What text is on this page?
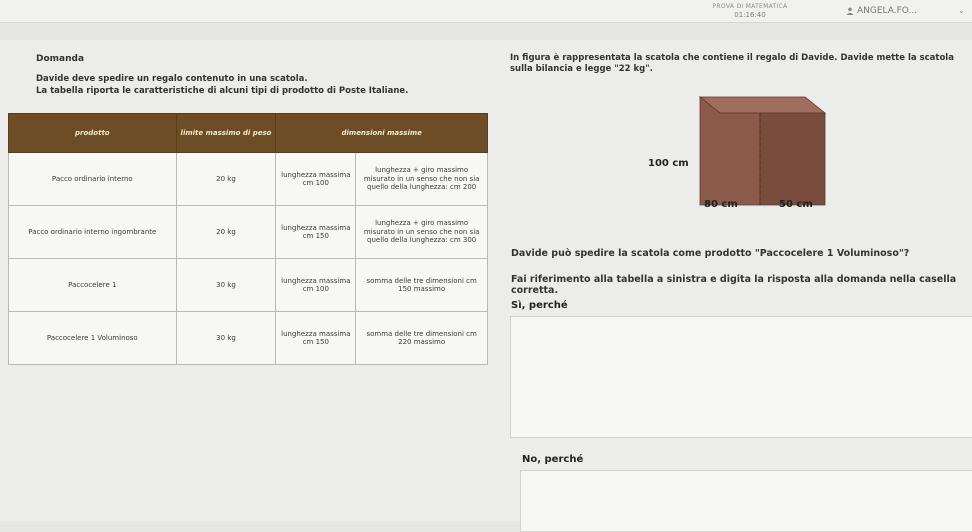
PROVA DI MATEMATICA
01:16:40	ANGELA.FO...	⌄
Domanda
Davide deve spedire un regalo contenuto in una scatola.
La tabella riporta le caratteristiche di alcuni tipi di prodotto di Poste Italiane.
prodotto	limite massimo di peso	dimensioni massime	
Pacco ordinario interno	20 kg	lunghezza massima cm 100	lunghezza + giro massimo misurato in un senso che non sia quello della lunghezza: cm 200
Pacco ordinario interno ingombrante	20 kg	lunghezza massima cm 150	lunghezza + giro massimo misurato in un senso che non sia quello della lunghezza: cm 300
Paccocelere 1	30 kg	lunghezza massima cm 100	somma delle tre dimensioni cm 150 massimo
Paccocelere 1 Voluminoso	30 kg	lunghezza massima cm 150	somma delle tre dimensioni cm 220 massimo
In figura è rappresentata la scatola che contiene il regalo di Davide. Davide mette la scatola
sulla bilancia e legge "22 kg".
100 cm
80 cm	50 cm
Davide può spedire la scatola come prodotto "Paccocelere 1 Voluminoso"?
Fai riferimento alla tabella a sinistra e digita la risposta alla domanda nella casella corretta.
Sì, perché
No, perché
